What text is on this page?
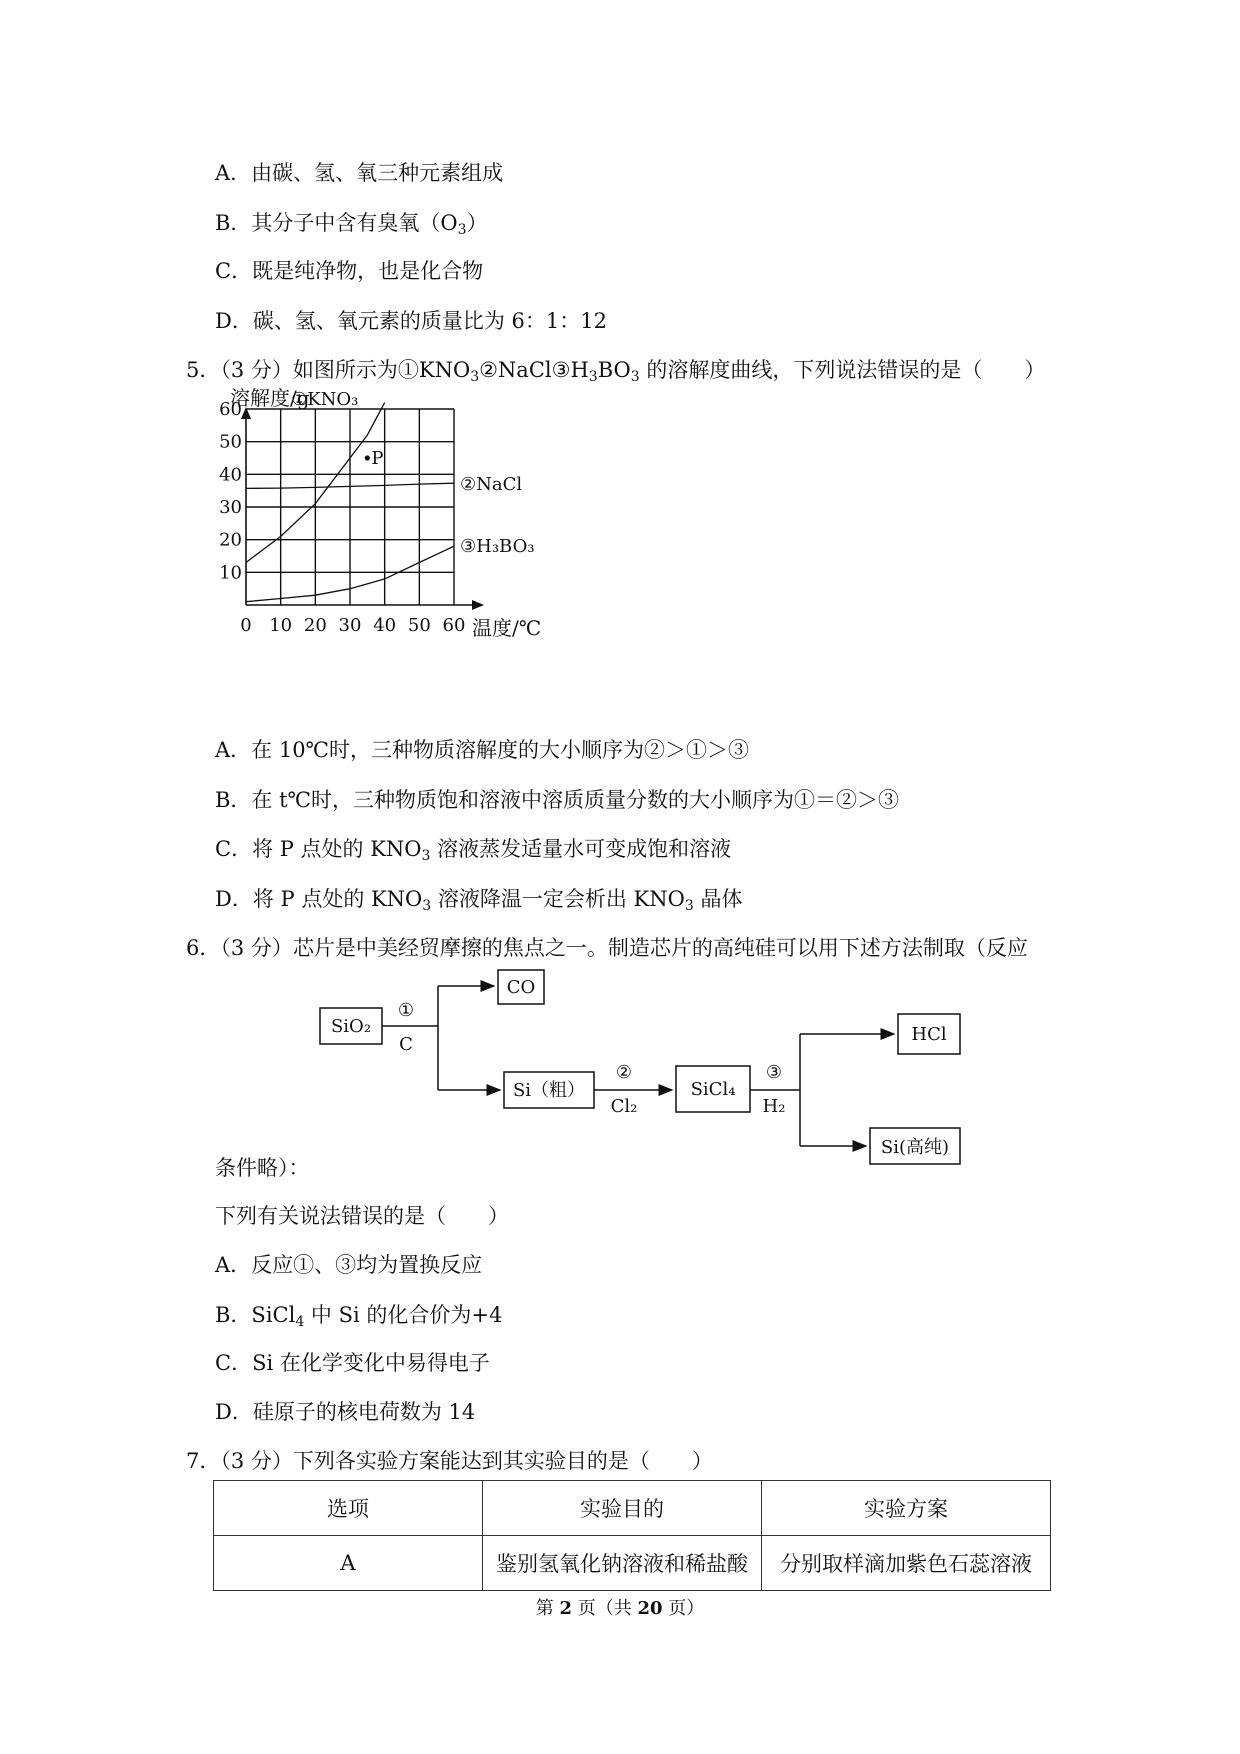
A．由碳、氢、氧三种元素组成
B．其分子中含有臭氧$(O_3)$
C．既是纯净物，也是化合物
D．碳、氢、氧元素的质量比为 6：1：12
5．（3 分）如图所示为$①KNO_3②NaCl③H_3BO_3$ 的溶解度曲线，下列说法错误的是（　　）
0 10 20 30 40 50 60
10
20
30
40
50
60
溶解度/g
温度/℃
①KNO₃
②NaCl
③H₃BO₃
P
A．在 10℃时，三种物质溶解度的大小顺序为②＞①＞③
B．在 t℃时，三种物质饱和溶液中溶质质量分数的大小顺序为①＝②＞③
C．将 P 点处的 $KNO_3$ 溶液蒸发适量水可变成饱和溶液
D．将 P 点处的 $KNO_3$ 溶液降温一定会析出 $KNO_3$ 晶体
6．（3 分）芯片是中美经贸摩擦的焦点之一。制造芯片的高纯硅可以用下述方法制取（反应
SiO₂
CO
Si（粗）	SiCl₄
HCl
Si(高纯)
①
C
②
Cl₂
③
H₂
条件略）：
下列有关说法错误的是（　　）
A．反应①、③均为置换反应
B．SiCl$_4$ 中 Si 的化合价为+4
C．Si 在化学变化中易得电子
D．硅原子的核电荷数为 14
7．（3 分）下列各实验方案能达到其实验目的是（　　）
选项	实验目的	实验方案
A	鉴别氢氧化钠溶液和稀盐酸	分别取样滴加紫色石蕊溶液
第 2 页（共 20 页）
